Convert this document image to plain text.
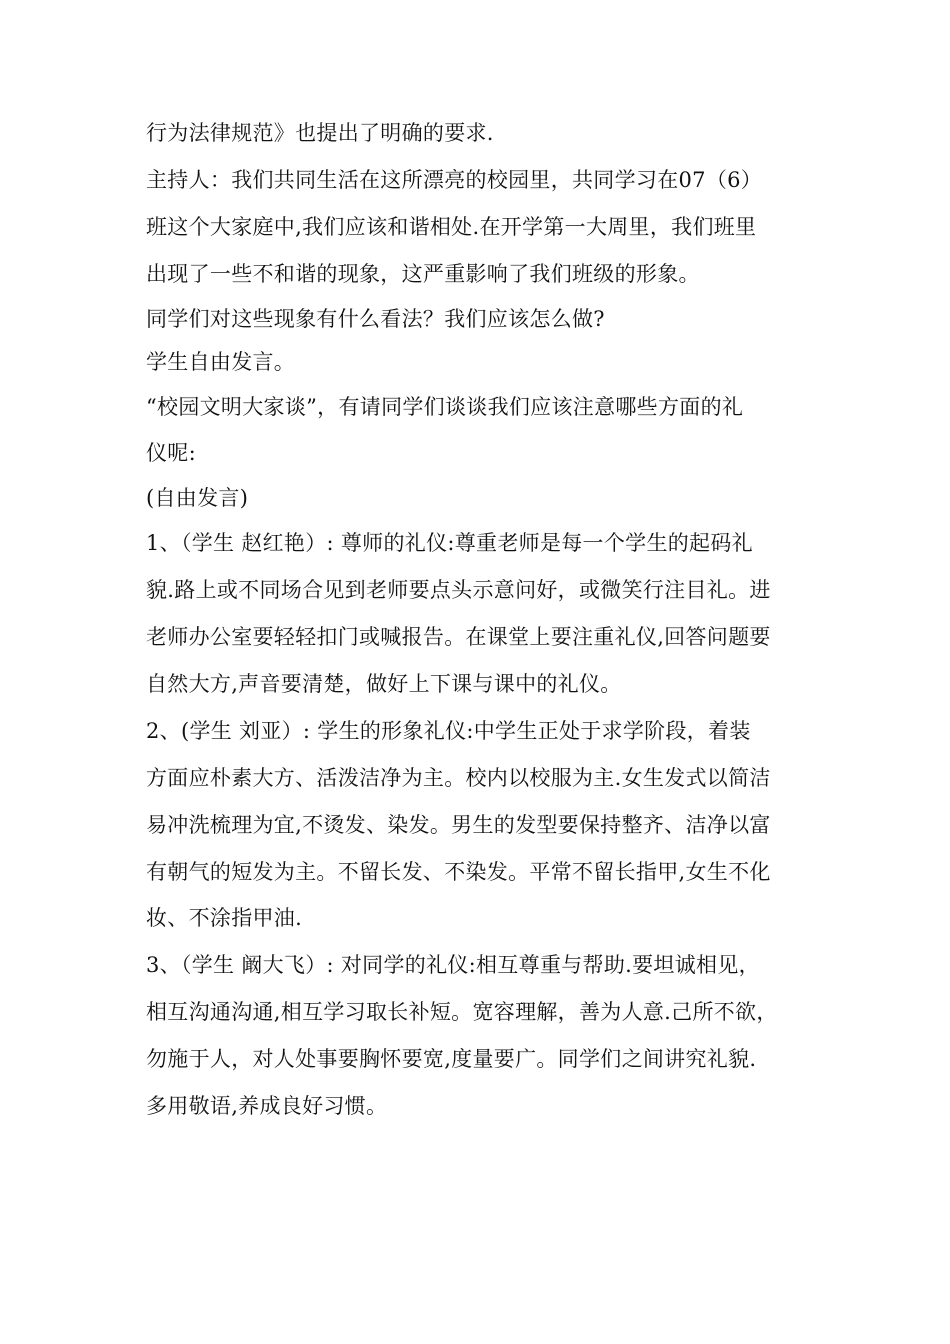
行为法律规范》也提出了明确的要求.
主持人：我们共同生活在这所漂亮的校园里，共同学习在07（6）
班这个大家庭中,我们应该和谐相处.在开学第一大周里，我们班里
出现了一些不和谐的现象，这严重影响了我们班级的形象。
同学们对这些现象有什么看法？我们应该怎么做?
学生自由发言。
“校园文明大家谈”，有请同学们谈谈我们应该注意哪些方面的礼
仪呢:
(自由发言)
1、（学生 赵红艳）: 尊师的礼仪:尊重老师是每一个学生的起码礼
貌.路上或不同场合见到老师要点头示意问好，或微笑行注目礼。进
老师办公室要轻轻扣门或喊报告。在课堂上要注重礼仪,回答问题要
自然大方,声音要清楚，做好上下课与课中的礼仪。
2、(学生 刘亚）: 学生的形象礼仪:中学生正处于求学阶段，着装
方面应朴素大方、活泼洁净为主。校内以校服为主.女生发式以简洁
易冲洗梳理为宜,不烫发、染发。男生的发型要保持整齐、洁净以富
有朝气的短发为主。不留长发、不染发。平常不留长指甲,女生不化
妆、不涂指甲油.
3、（学生 阚大飞）: 对同学的礼仪:相互尊重与帮助.要坦诚相见，
相互沟通沟通,相互学习取长补短。宽容理解，善为人意.己所不欲，
勿施于人，对人处事要胸怀要宽,度量要广。同学们之间讲究礼貌.
多用敬语,养成良好习惯。
